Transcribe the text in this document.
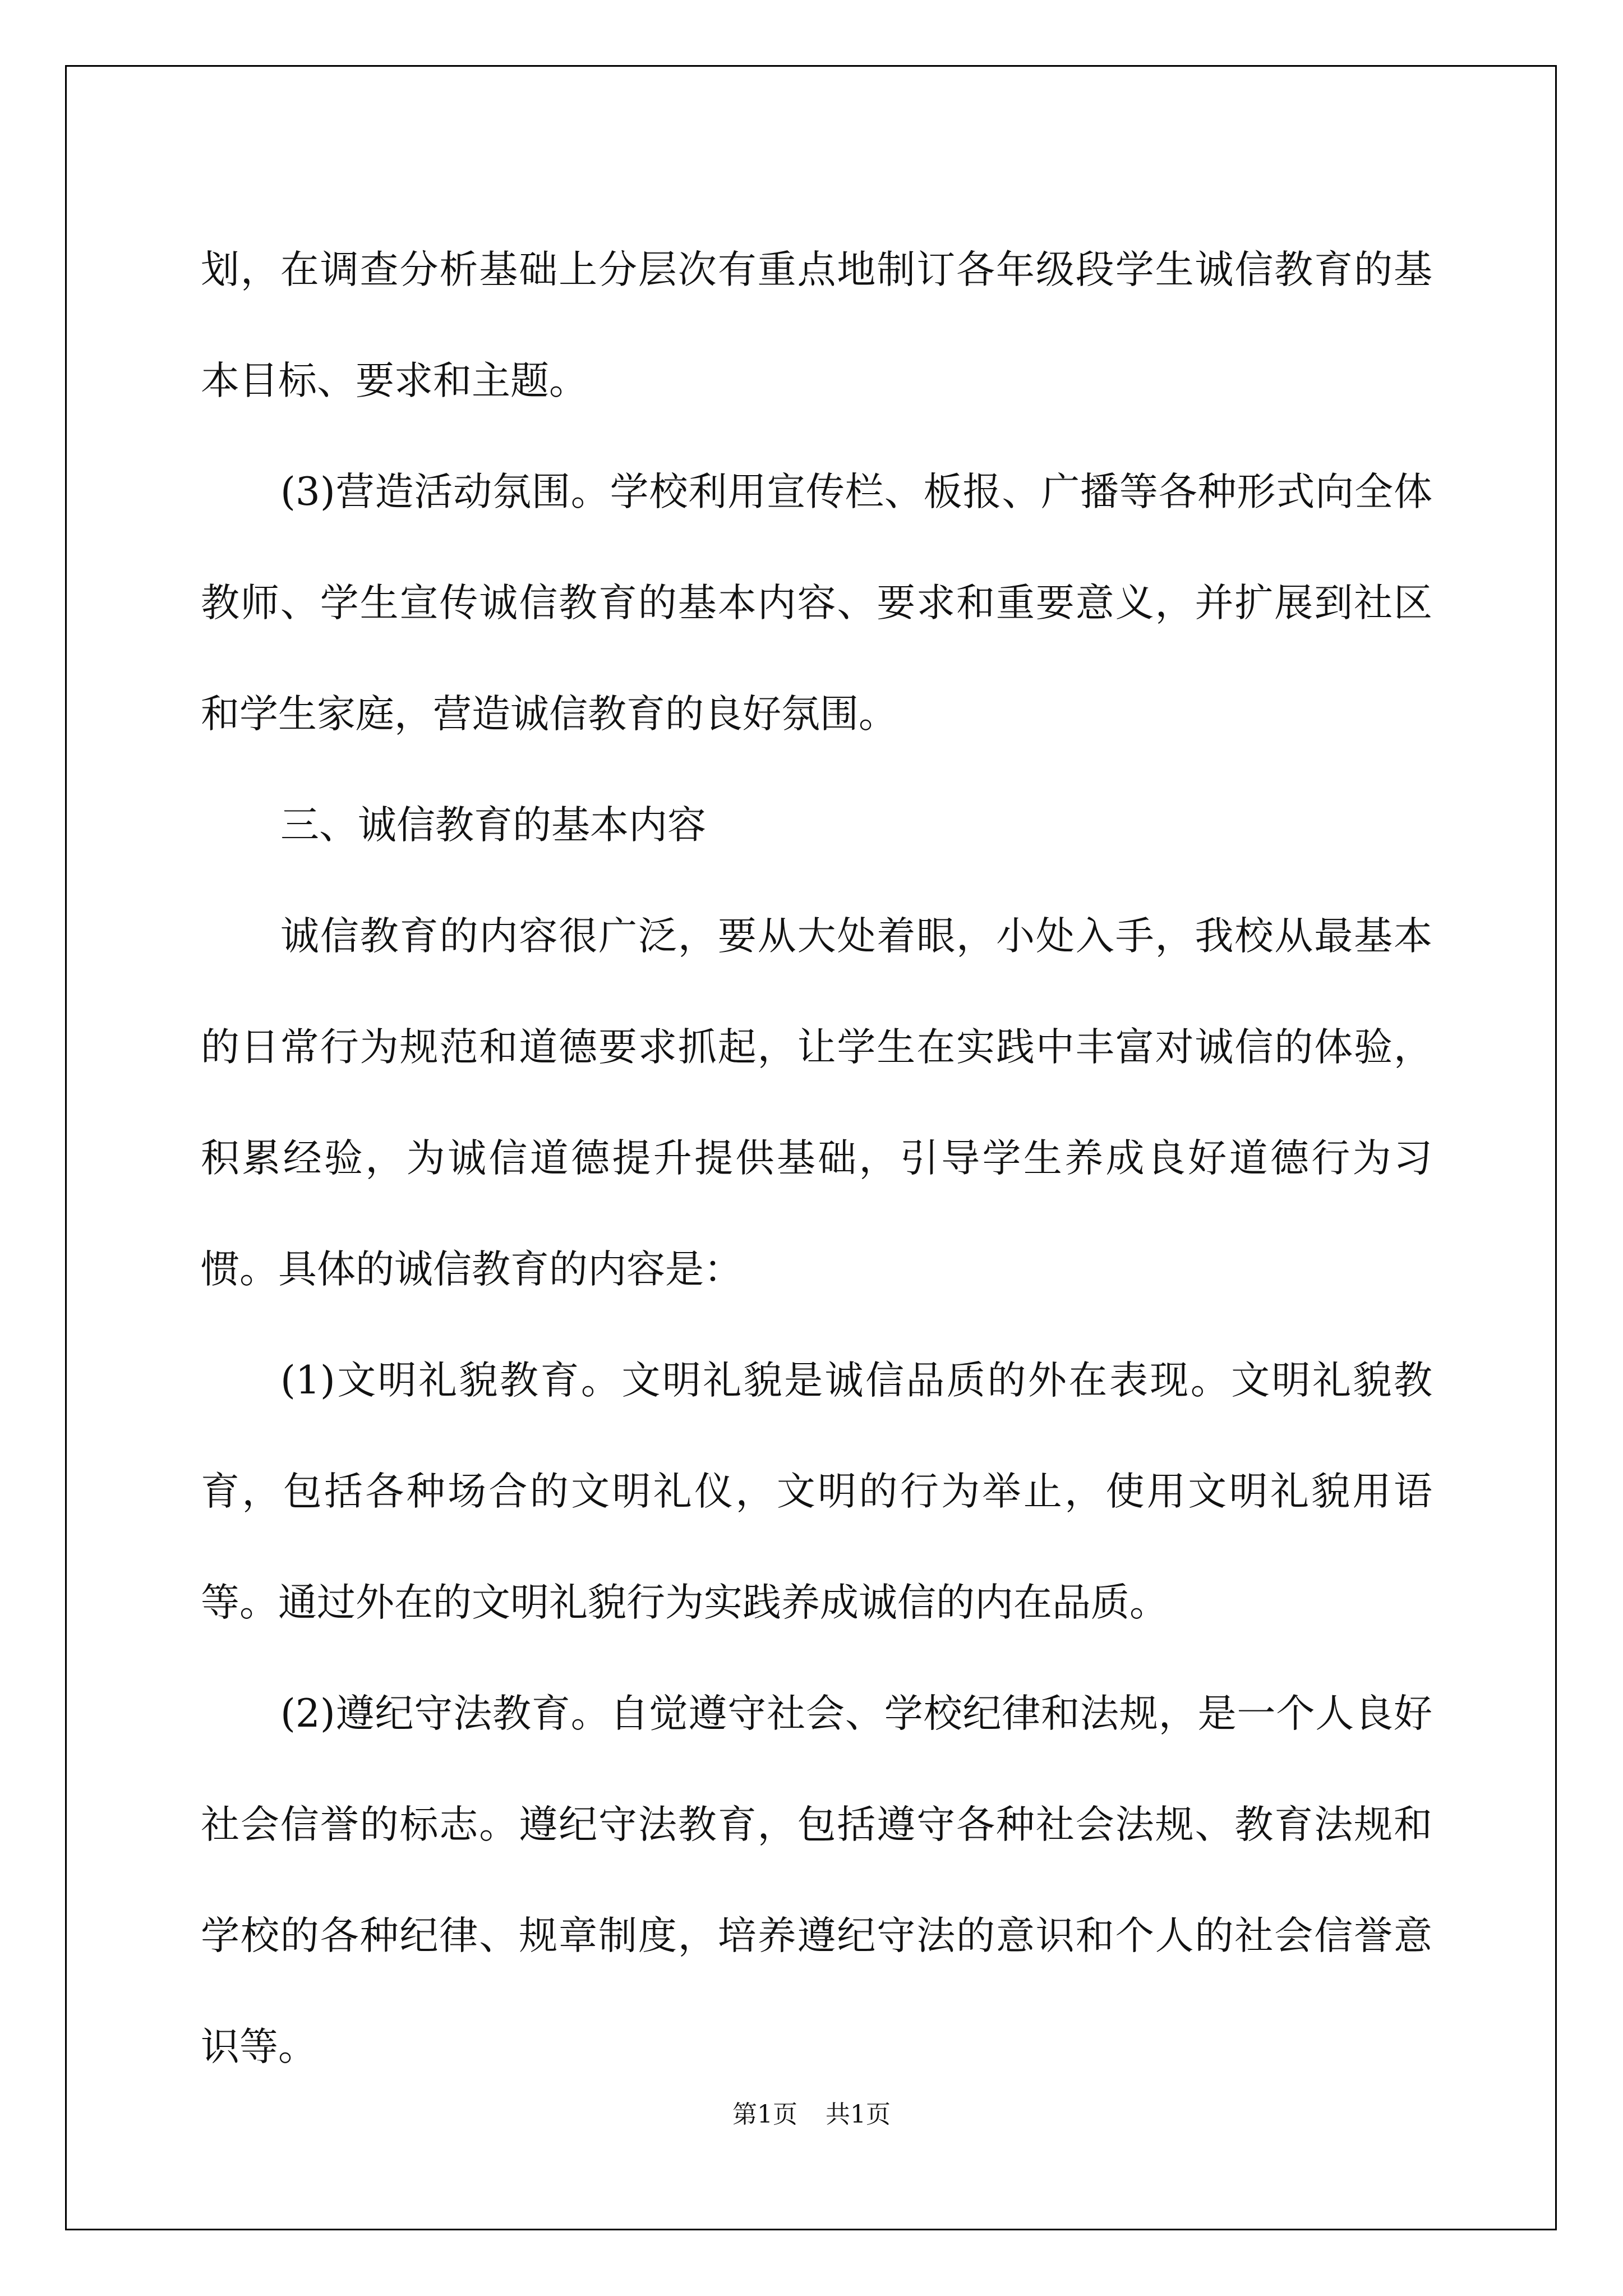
划，在调查分析基础上分层次有重点地制订各年级段学生诚信教育的基本目标、要求和主题。

(3)营造活动氛围。学校利用宣传栏、板报、广播等各种形式向全体教师、学生宣传诚信教育的基本内容、要求和重要意义，并扩展到社区和学生家庭，营造诚信教育的良好氛围。

三、诚信教育的基本内容

诚信教育的内容很广泛，要从大处着眼，小处入手，我校从最基本的日常行为规范和道德要求抓起，让学生在实践中丰富对诚信的体验，积累经验，为诚信道德提升提供基础，引导学生养成良好道德行为习惯。具体的诚信教育的内容是：

(1)文明礼貌教育。文明礼貌是诚信品质的外在表现。文明礼貌教育，包括各种场合的文明礼仪，文明的行为举止，使用文明礼貌用语等。通过外在的文明礼貌行为实践养成诚信的内在品质。

(2)遵纪守法教育。自觉遵守社会、学校纪律和法规，是一个人良好社会信誉的标志。遵纪守法教育，包括遵守各种社会法规、教育法规和学校的各种纪律、规章制度，培养遵纪守法的意识和个人的社会信誉意识等。

第1页 共1页
